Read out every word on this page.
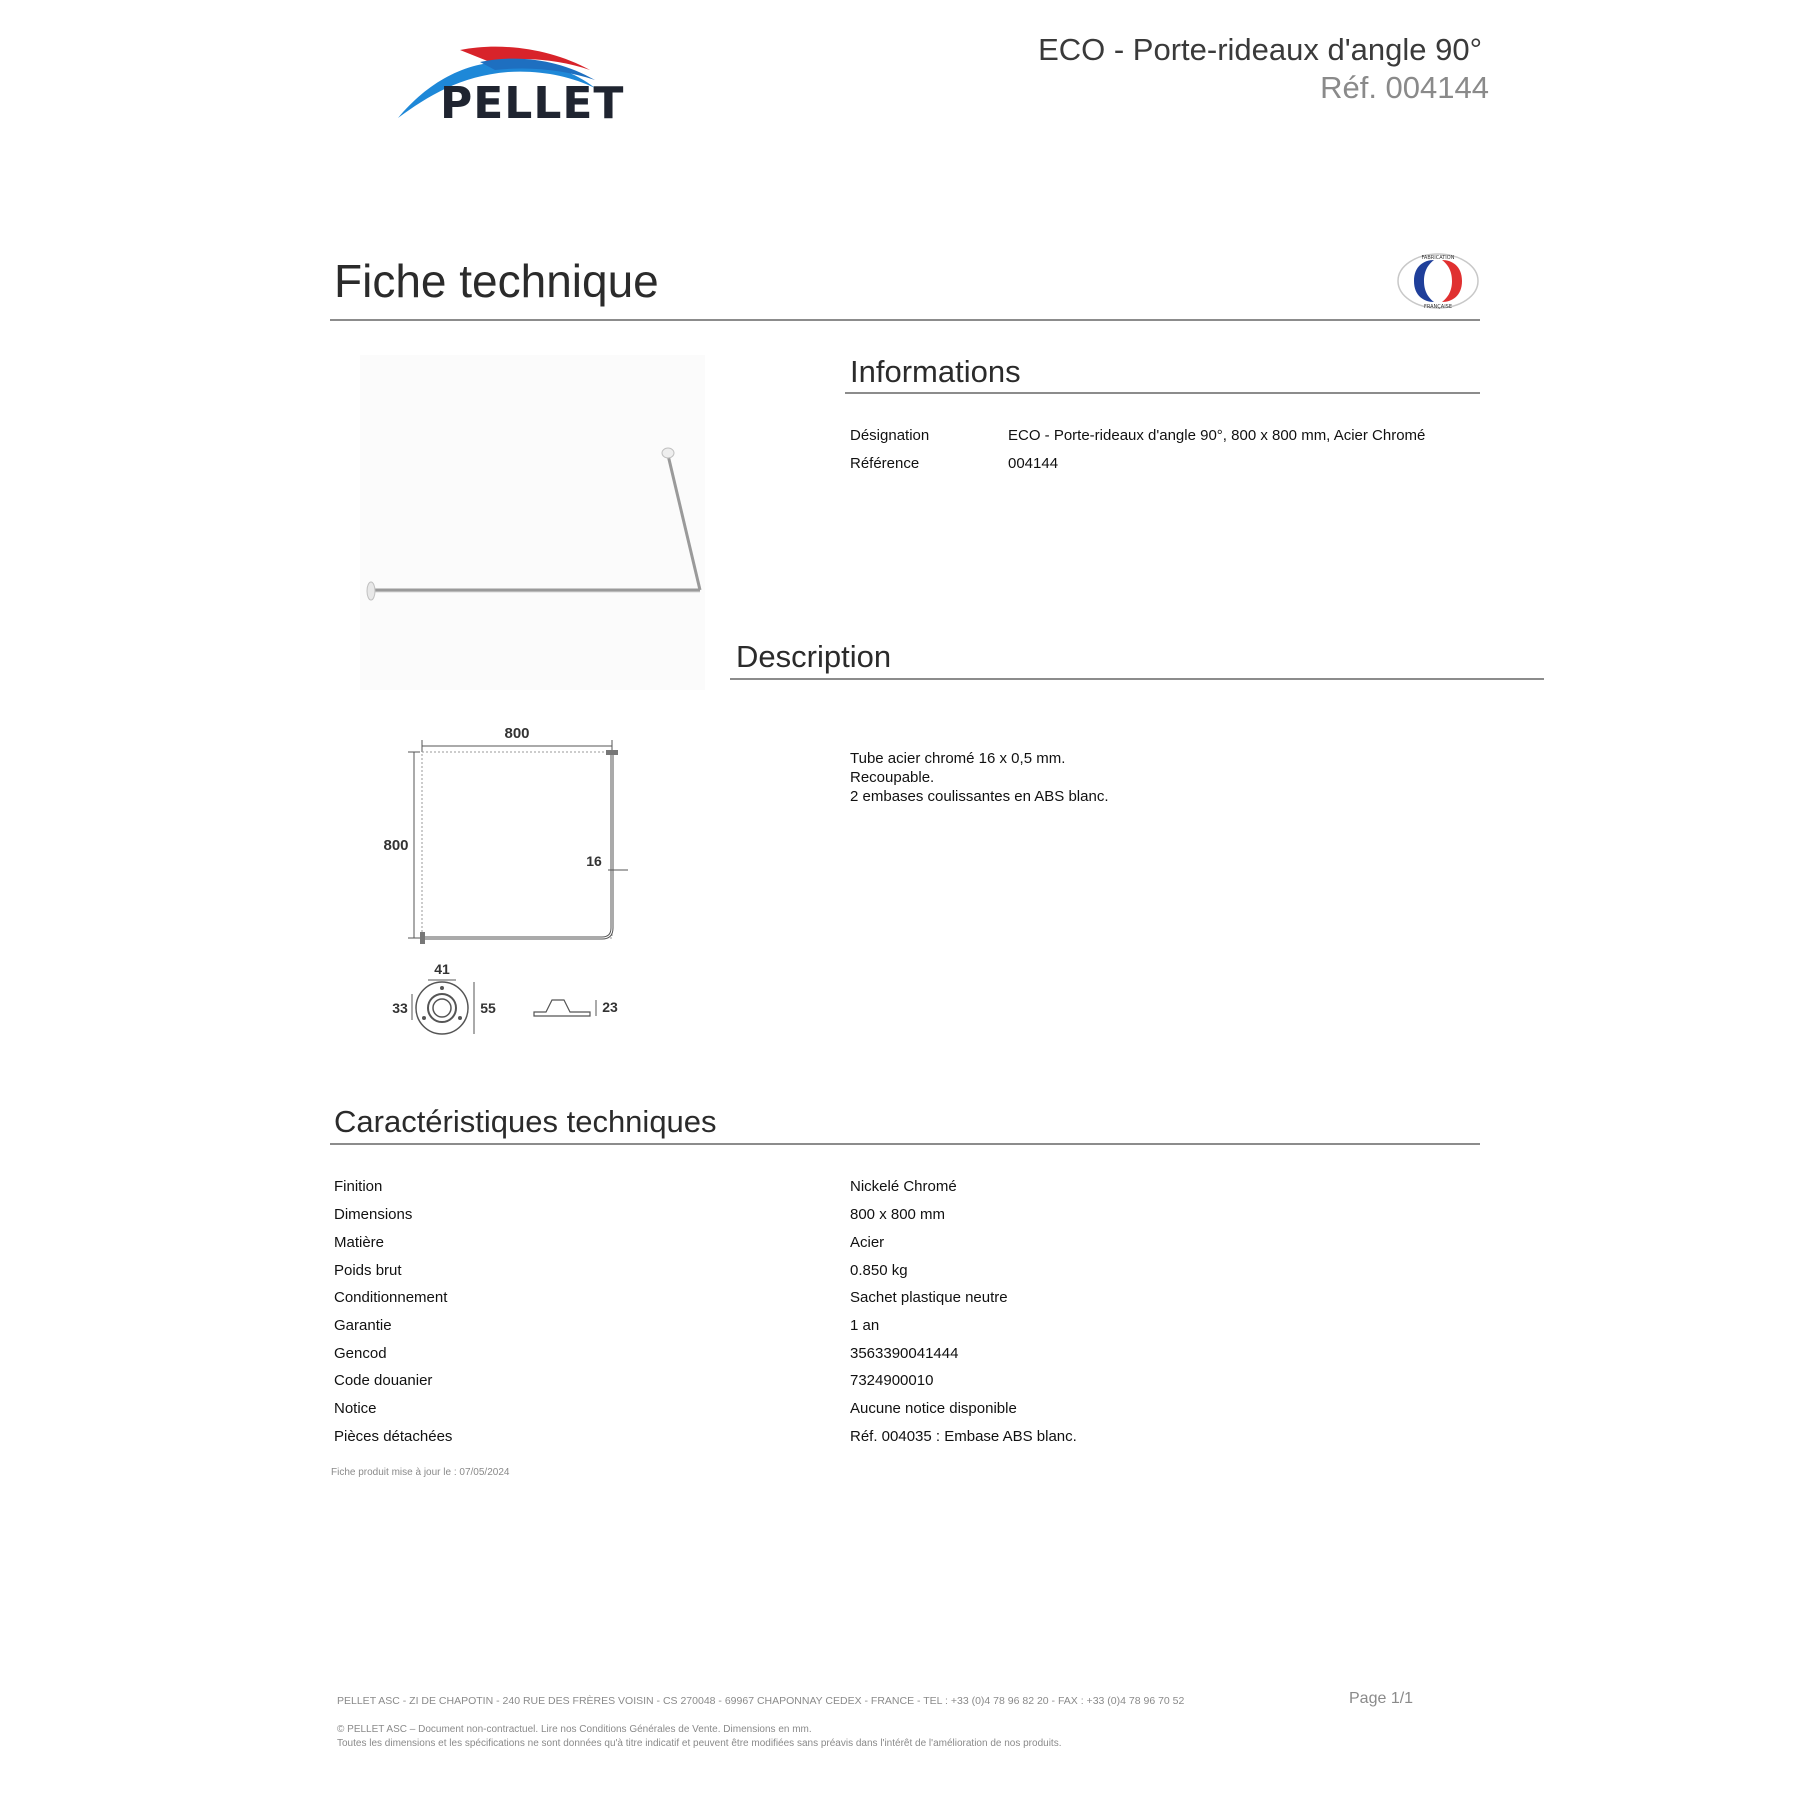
PELLET
ECO - Porte-rideaux d'angle 90°
Réf. 004144
Fiche technique	FABRICATION
FRANÇAISE
Informations
Désignation	ECO - Porte-rideaux d'angle 90°, 800 x 800 mm, Acier Chromé
Référence	004144
Description
Tube acier chromé 16 x 0,5 mm.
Recoupable.
2 embases coulissantes en ABS blanc.
800
800
16
41
33	55	23
Caractéristiques techniques
Finition	Nickelé Chromé
Dimensions	800 x 800 mm
Matière	Acier
Poids brut	0.850 kg
Conditionnement	Sachet plastique neutre
Garantie	1 an
Gencod	3563390041444
Code douanier	7324900010
Notice	Aucune notice disponible
Pièces détachées	Réf. 004035 : Embase ABS blanc.
Fiche produit mise à jour le : 07/05/2024
PELLET ASC - ZI DE CHAPOTIN - 240 RUE DES FRÈRES VOISIN - CS 270048 - 69967 CHAPONNAY CEDEX - FRANCE - TEL : +33 (0)4 78 96 82 20 - FAX : +33 (0)4 78 96 70 52	Page 1/1
© PELLET ASC – Document non-contractuel. Lire nos Conditions Générales de Vente. Dimensions en mm.
Toutes les dimensions et les spécifications ne sont données qu'à titre indicatif et peuvent être modifiées sans préavis dans l'intérêt de l'amélioration de nos produits.
